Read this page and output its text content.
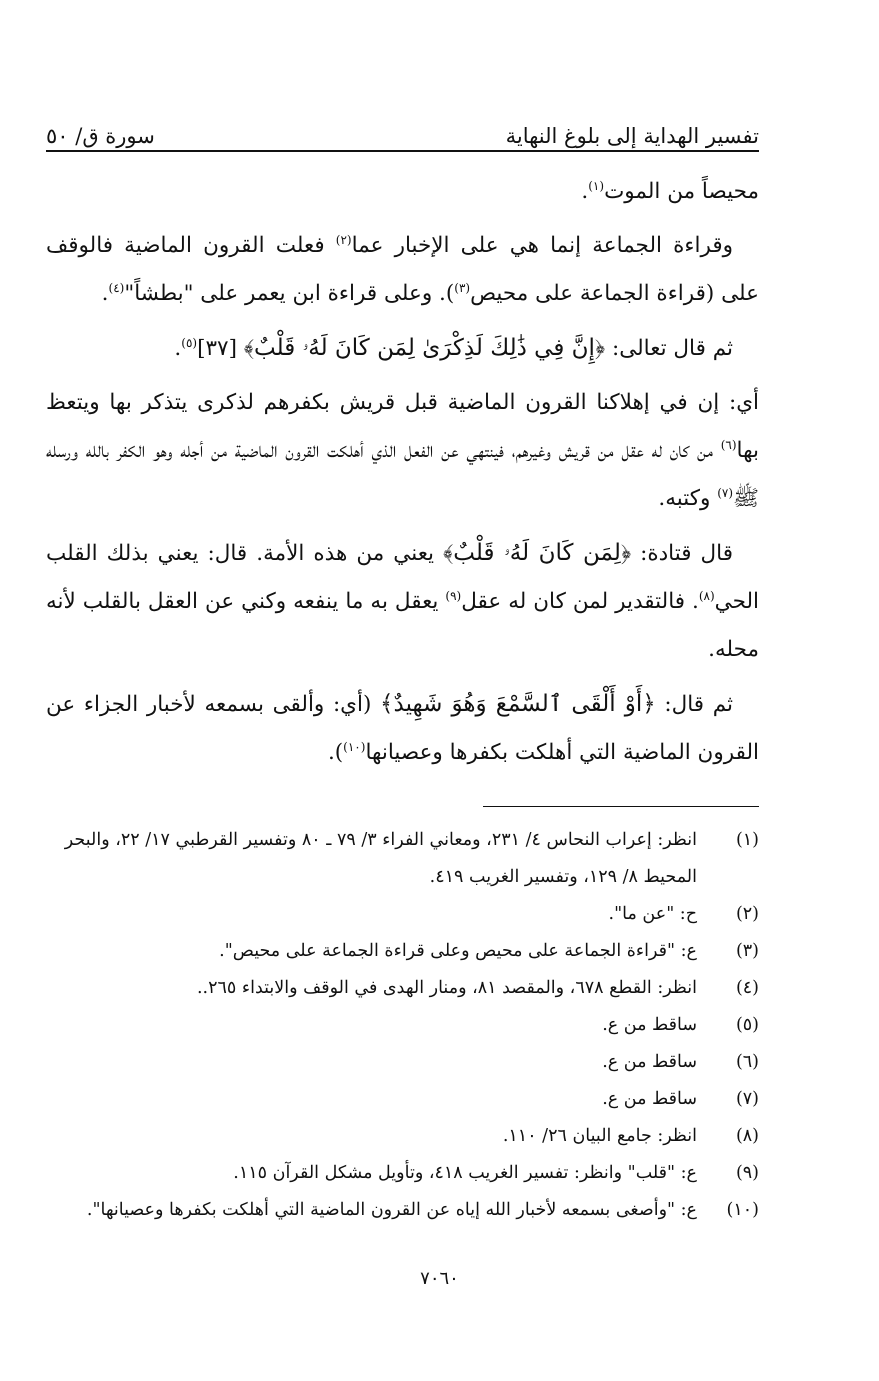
تفسير الهداية إلى بلوغ النهاية
سورة ق/ ٥٠

محيصاً من الموت$^{(١)}$.

وقراءة الجماعة إنما هي على الإخبار عما$^{(٢)}$ فعلت القرون الماضية فالوقف على (قراءة الجماعة على محيص$^{(٣)}$). وعلى قراءة ابن يعمر على "بطشاً"$^{(٤)}$.

ثم قال تعالى: ﴿إِنَّ فِي ذَٰلِكَ لَذِكْرَىٰ لِمَن كَانَ لَهُۥ قَلْبٌ﴾ [٣٧]$^{(٥)}$.

أي: إن في إهلاكنا القرون الماضية قبل قريش بكفرهم لذكرى يتذكر بها ويتعظ بها$^{(٦)}$ من كان له عقل من قريش وغيرهم، فينتهي عن الفعل الذي أهلكت القرون الماضية من أجله وهو الكفر بالله ورسله ﷺ$^{(٧)}$ وكتبه.

قال قتادة: ﴿لِمَن كَانَ لَهُۥ قَلْبٌ﴾ يعني من هذه الأمة. قال: يعني بذلك القلب الحي$^{(٨)}$. فالتقدير لمن كان له عقل$^{(٩)}$ يعقل به ما ينفعه وكني عن العقل بالقلب لأنه محله.

ثم قال: ﴿أَوْ أَلْقَى ٱلسَّمْعَ وَهُوَ شَهِيدٌ﴾ (أي: وألقى بسمعه لأخبار الجزاء عن القرون الماضية التي أهلكت بكفرها وعصيانها$^{(١٠)}$).

(١)
انظر: إعراب النحاس ٤/ ٢٣١، ومعاني الفراء ٣/ ٧٩ ـ ٨٠ وتفسير القرطبي ١٧/ ٢٢، والبحر المحيط ٨/ ١٢٩، وتفسير الغريب ٤١٩.
(٢)
ح: "عن ما".
(٣)
ع: "قراءة الجماعة على محيص وعلى قراءة الجماعة على محيص".
(٤)
انظر: القطع ٦٧٨، والمقصد ٨١، ومنار الهدى في الوقف والابتداء ٢٦٥..
(٥)
ساقط من ع.
(٦)
ساقط من ع.
(٧)
ساقط من ع.
(٨)
انظر: جامع البيان ٢٦/ ١١٠.
(٩)
ع: "قلب" وانظر: تفسير الغريب ٤١٨، وتأويل مشكل القرآن ١١٥.
(١٠)
ع: "وأصغى بسمعه لأخبار الله إياه عن القرون الماضية التي أهلكت بكفرها وعصيانها".
٧٠٦٠
